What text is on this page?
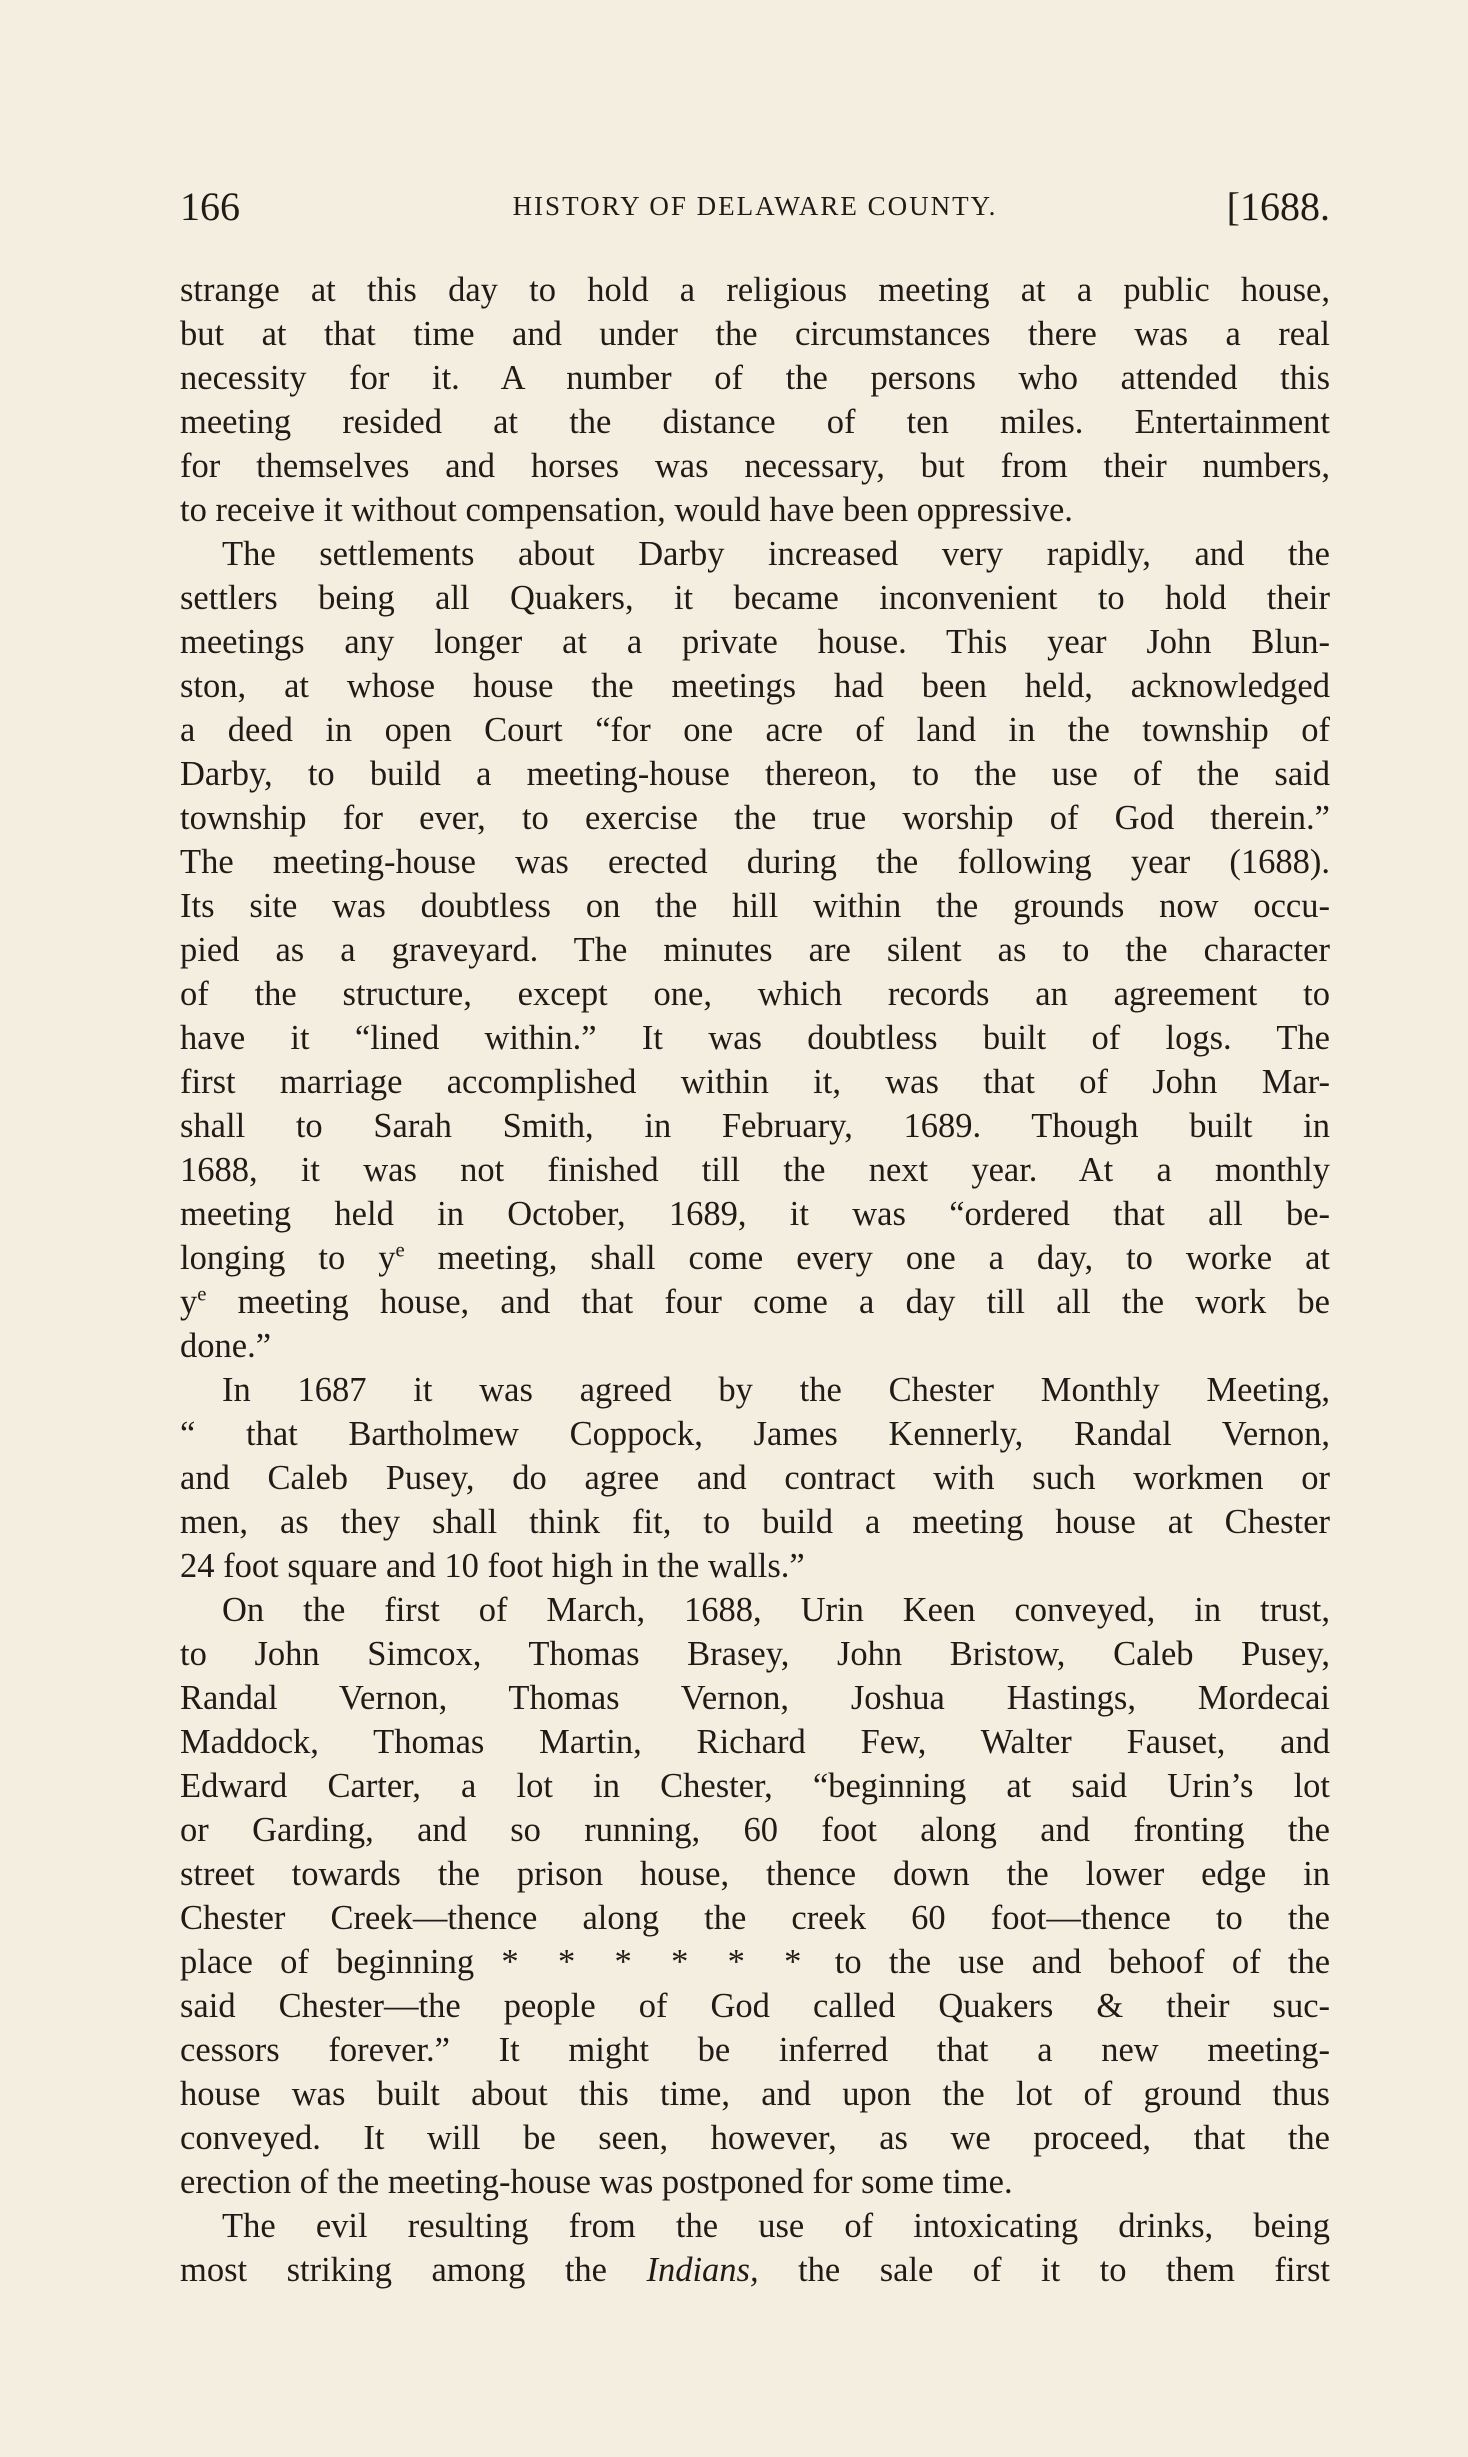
166	HISTORY OF DELAWARE COUNTY.	[1688.
strange at this day to hold a religious meeting at a public house,
but at that time and under the circumstances there was a real
necessity for it. A number of the persons who attended this
meeting resided at the distance of ten miles. Entertainment
for themselves and horses was necessary, but from their numbers,
to receive it without compensation, would have been oppressive.
The settlements about Darby increased very rapidly, and the
settlers being all Quakers, it became inconvenient to hold their
meetings any longer at a private house. This year John Blun-
ston, at whose house the meetings had been held, acknowledged
a deed in open Court “for one acre of land in the township of
Darby, to build a meeting-house thereon, to the use of the said
township for ever, to exercise the true worship of God therein.”
The meeting-house was erected during the following year (1688).
Its site was doubtless on the hill within the grounds now occu-
pied as a graveyard. The minutes are silent as to the character
of the structure, except one, which records an agreement to
have it “lined within.” It was doubtless built of logs. The
first marriage accomplished within it, was that of John Mar-
shall to Sarah Smith, in February, 1689. Though built in
1688, it was not finished till the next year. At a monthly
meeting held in October, 1689, it was “ordered that all be-
longing to $y^e$ meeting, shall come every one a day, to worke at
$y^e$ meeting house, and that four come a day till all the work be
done.”
In 1687 it was agreed by the Chester Monthly Meeting,
“ that Bartholmew Coppock, James Kennerly, Randal Vernon,
and Caleb Pusey, do agree and contract with such workmen or
men, as they shall think fit, to build a meeting house at Chester
24 foot square and 10 foot high in the walls.”
On the first of March, 1688, Urin Keen conveyed, in trust,
to John Simcox, Thomas Brasey, John Bristow, Caleb Pusey,
Randal Vernon, Thomas Vernon, Joshua Hastings, Mordecai
Maddock, Thomas Martin, Richard Few, Walter Fauset, and
Edward Carter, a lot in Chester, “beginning at said Urin’s lot
or Garding, and so running, 60 foot along and fronting the
street towards the prison house, thence down the lower edge in
Chester Creek—thence along the creek 60 foot—thence to the
place of beginning * * * * * * to the use and behoof of the
said Chester—the people of God called Quakers & their suc-
cessors forever.” It might be inferred that a new meeting-
house was built about this time, and upon the lot of ground thus
conveyed. It will be seen, however, as we proceed, that the
erection of the meeting-house was postponed for some time.
The evil resulting from the use of intoxicating drinks, being
most striking among the Indians, the sale of it to them first
